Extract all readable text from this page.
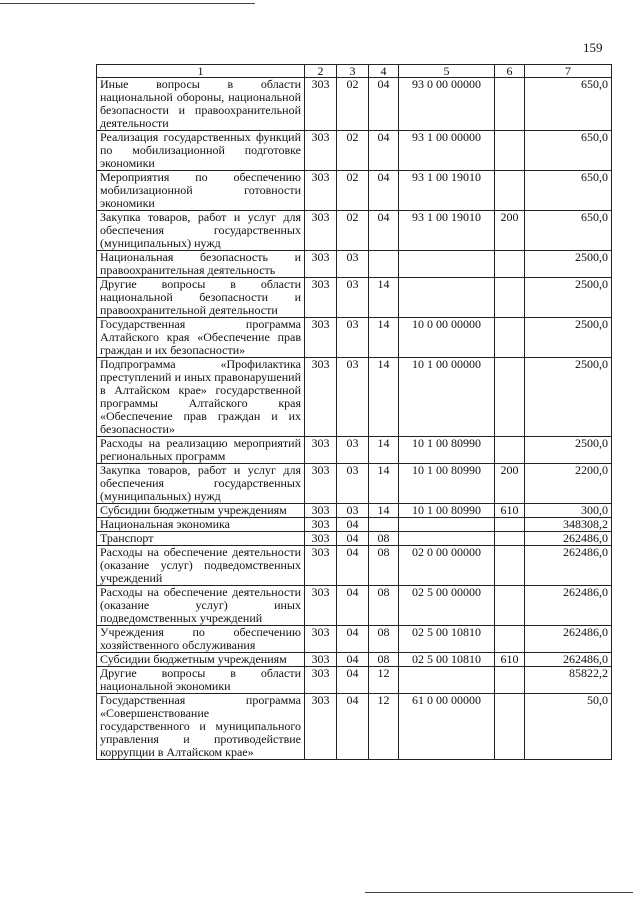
159
1	2	3	4	5	6	7
Иные вопросы в области национальной обороны, национальной безопасности и правоохранительной деятельности	303	02	04	93 0 00 00000		650,0
Реализация государственных функций по мобилизационной подготовке экономики	303	02	04	93 1 00 00000		650,0
Мероприятия по обеспечению мобилизационной готовности экономики	303	02	04	93 1 00 19010		650,0
Закупка товаров, работ и услуг для обеспечения государственных (муниципальных) нужд	303	02	04	93 1 00 19010	200	650,0
Национальная безопасность и правоохранительная деятельность	303	03				2500,0
Другие вопросы в области национальной безопасности и правоохранительной деятельности	303	03	14			2500,0
Государственная программа Алтайского края «Обеспечение прав граждан и их безопасности»	303	03	14	10 0 00 00000		2500,0
Подпрограмма «Профилактика преступлений и иных правонарушений в Алтайском крае» государственной программы Алтайского края «Обеспечение прав граждан и их безопасности»	303	03	14	10 1 00 00000		2500,0
Расходы на реализацию мероприятий региональных программ	303	03	14	10 1 00 80990		2500,0
Закупка товаров, работ и услуг для обеспечения государственных (муниципальных) нужд	303	03	14	10 1 00 80990	200	2200,0
Субсидии бюджетным учреждениям	303	03	14	10 1 00 80990	610	300,0
Национальная экономика	303	04				348308,2
Транспорт	303	04	08			262486,0
Расходы на обеспечение деятельности (оказание услуг) подведомственных учреждений	303	04	08	02 0 00 00000		262486,0
Расходы на обеспечение деятельности (оказание услуг) иных подведомственных учреждений	303	04	08	02 5 00 00000		262486,0
Учреждения по обеспечению хозяйственного обслуживания	303	04	08	02 5 00 10810		262486,0
Субсидии бюджетным учреждениям	303	04	08	02 5 00 10810	610	262486,0
Другие вопросы в области национальной экономики	303	04	12			85822,2
Государственная программа «Совершенствование государственного и муниципального управления и противодействие коррупции в Алтайском крае»	303	04	12	61 0 00 00000		50,0
